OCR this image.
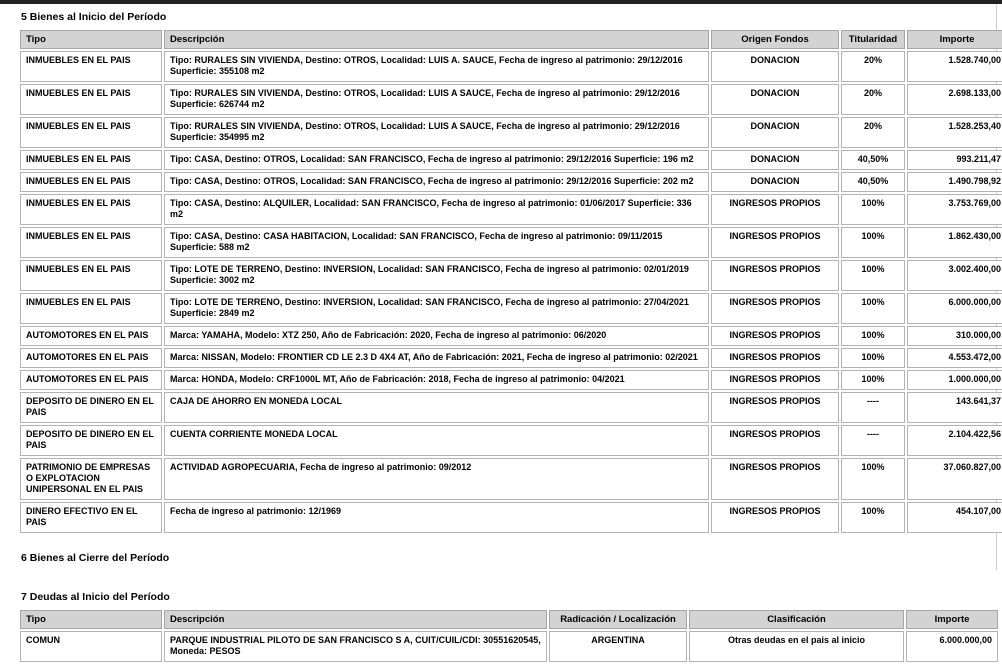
5 Bienes al Inicio del Período
Tipo	Descripción	Origen Fondos	Titularidad	Importe
INMUEBLES EN EL PAIS	Tipo: RURALES SIN VIVIENDA, Destino: OTROS, Localidad: LUIS A. SAUCE, Fecha de ingreso al patrimonio: 29/12/2016 Superficie: 355108 m2	DONACION	20%	1.528.740,00
INMUEBLES EN EL PAIS	Tipo: RURALES SIN VIVIENDA, Destino: OTROS, Localidad: LUIS A SAUCE, Fecha de ingreso al patrimonio: 29/12/2016 Superficie: 626744 m2	DONACION	20%	2.698.133,00
INMUEBLES EN EL PAIS	Tipo: RURALES SIN VIVIENDA, Destino: OTROS, Localidad: LUIS A SAUCE, Fecha de ingreso al patrimonio: 29/12/2016 Superficie: 354995 m2	DONACION	20%	1.528.253,40
INMUEBLES EN EL PAIS	Tipo: CASA, Destino: OTROS, Localidad: SAN FRANCISCO, Fecha de ingreso al patrimonio: 29/12/2016 Superficie: 196 m2	DONACION	40,50%	993.211,47
INMUEBLES EN EL PAIS	Tipo: CASA, Destino: OTROS, Localidad: SAN FRANCISCO, Fecha de ingreso al patrimonio: 29/12/2016 Superficie: 202 m2	DONACION	40,50%	1.490.798,92
INMUEBLES EN EL PAIS	Tipo: CASA, Destino: ALQUILER, Localidad: SAN FRANCISCO, Fecha de ingreso al patrimonio: 01/06/2017 Superficie: 336 m2	INGRESOS PROPIOS	100%	3.753.769,00
INMUEBLES EN EL PAIS	Tipo: CASA, Destino: CASA HABITACION, Localidad: SAN FRANCISCO, Fecha de ingreso al patrimonio: 09/11/2015 Superficie: 588 m2	INGRESOS PROPIOS	100%	1.862.430,00
INMUEBLES EN EL PAIS	Tipo: LOTE DE TERRENO, Destino: INVERSION, Localidad: SAN FRANCISCO, Fecha de ingreso al patrimonio: 02/01/2019 Superficie: 3002 m2	INGRESOS PROPIOS	100%	3.002.400,00
INMUEBLES EN EL PAIS	Tipo: LOTE DE TERRENO, Destino: INVERSION, Localidad: SAN FRANCISCO, Fecha de ingreso al patrimonio: 27/04/2021 Superficie: 2849 m2	INGRESOS PROPIOS	100%	6.000.000,00
AUTOMOTORES EN EL PAIS	Marca: YAMAHA, Modelo: XTZ 250, Año de Fabricación: 2020, Fecha de ingreso al patrimonio: 06/2020	INGRESOS PROPIOS	100%	310.000,00
AUTOMOTORES EN EL PAIS	Marca: NISSAN, Modelo: FRONTIER CD LE 2.3 D 4X4 AT, Año de Fabricación: 2021, Fecha de ingreso al patrimonio: 02/2021	INGRESOS PROPIOS	100%	4.553.472,00
AUTOMOTORES EN EL PAIS	Marca: HONDA, Modelo: CRF1000L MT, Año de Fabricación: 2018, Fecha de ingreso al patrimonio: 04/2021	INGRESOS PROPIOS	100%	1.000.000,00
DEPOSITO DE DINERO EN EL PAIS	CAJA DE AHORRO EN MONEDA LOCAL	INGRESOS PROPIOS	----	143.641,37
DEPOSITO DE DINERO EN EL PAIS	CUENTA CORRIENTE MONEDA LOCAL	INGRESOS PROPIOS	----	2.104.422,56
PATRIMONIO DE EMPRESAS O EXPLOTACION UNIPERSONAL EN EL PAIS	ACTIVIDAD AGROPECUARIA, Fecha de ingreso al patrimonio: 09/2012	INGRESOS PROPIOS	100%	37.060.827,00
DINERO EFECTIVO EN EL PAIS	Fecha de ingreso al patrimonio: 12/1969	INGRESOS PROPIOS	100%	454.107,00
6 Bienes al Cierre del Período
7 Deudas al Inicio del Período
Tipo	Descripción	Radicación / Localización	Clasificación	Importe
COMUN	PARQUE INDUSTRIAL PILOTO DE SAN FRANCISCO S A, CUIT/CUIL/CDI: 30551620545, Moneda: PESOS	ARGENTINA	Otras deudas en el pais al inicio	6.000.000,00
